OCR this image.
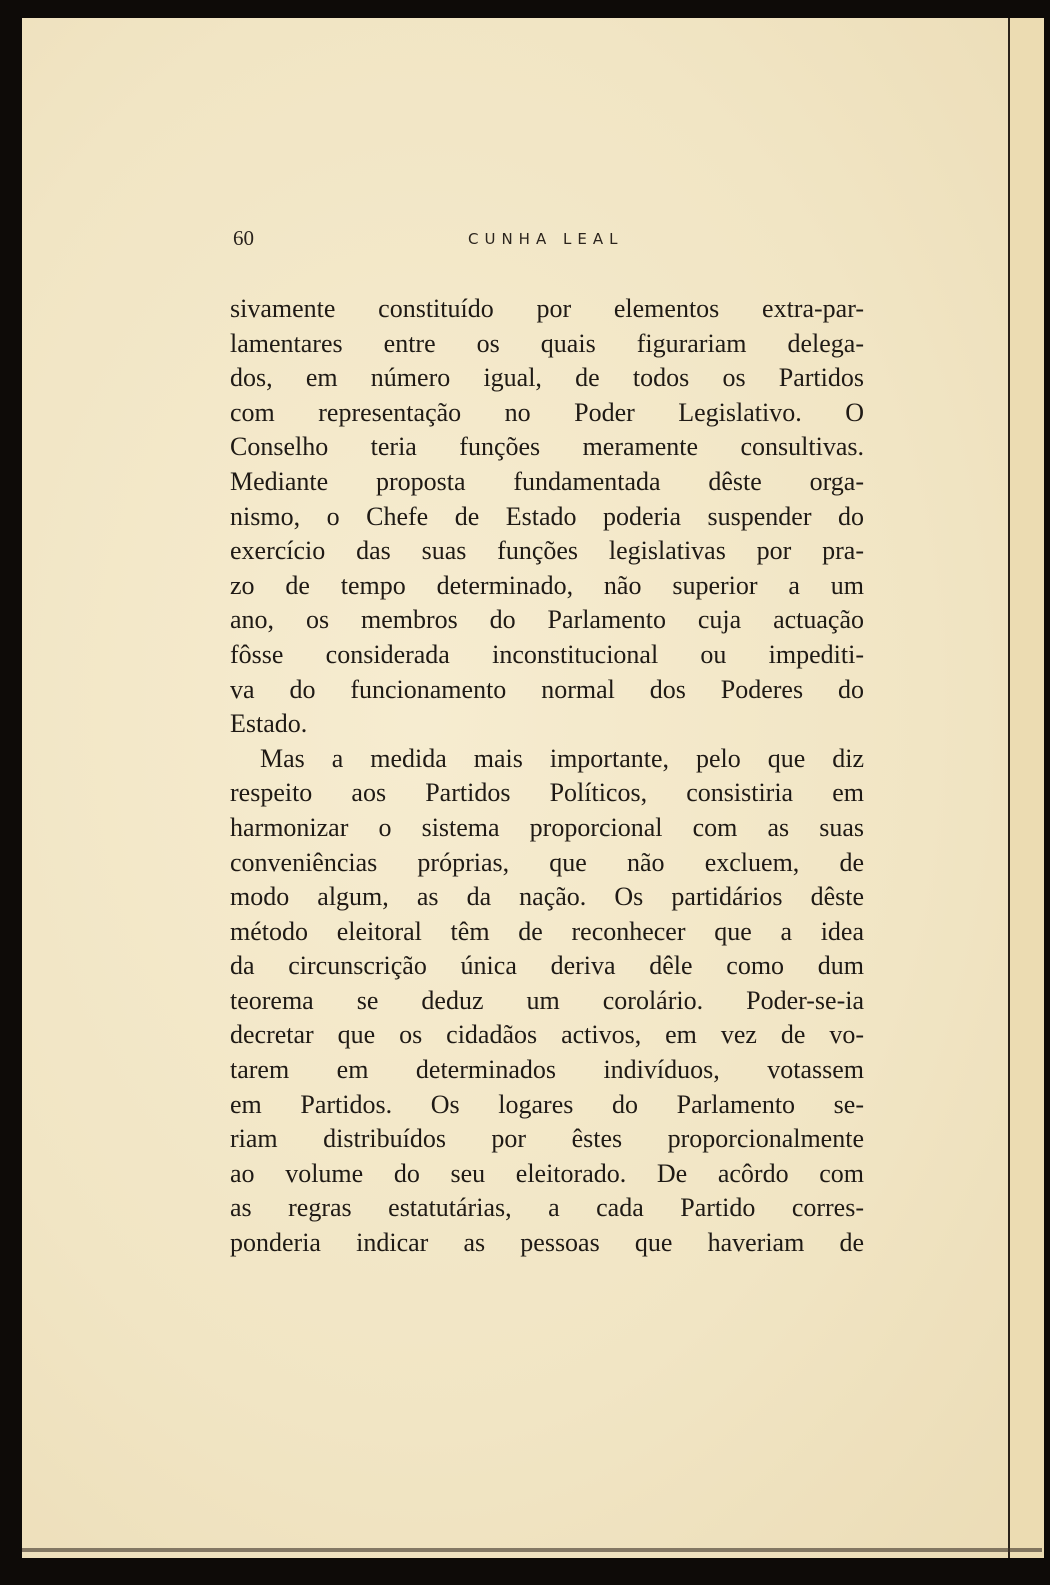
60	CUNHA LEAL
sivamente constituído por elementos extra-par-
lamentares entre os quais figurariam delega-
dos, em número igual, de todos os Partidos
com representação no Poder Legislativo. O
Conselho teria funções meramente consultivas.
Mediante proposta fundamentada dêste orga-
nismo, o Chefe de Estado poderia suspender do
exercício das suas funções legislativas por pra-
zo de tempo determinado, não superior a um
ano, os membros do Parlamento cuja actuação
fôsse considerada inconstitucional ou impediti-
va do funcionamento normal dos Poderes do
Estado.
Mas a medida mais importante, pelo que diz
respeito aos Partidos Políticos, consistiria em
harmonizar o sistema proporcional com as suas
conveniências próprias, que não excluem, de
modo algum, as da nação. Os partidários dêste
método eleitoral têm de reconhecer que a idea
da circunscrição única deriva dêle como dum
teorema se deduz um corolário. Poder-se-ia
decretar que os cidadãos activos, em vez de vo-
tarem em determinados indivíduos, votassem
em Partidos. Os logares do Parlamento se-
riam distribuídos por êstes proporcionalmente
ao volume do seu eleitorado. De acôrdo com
as regras estatutárias, a cada Partido corres-
ponderia indicar as pessoas que haveriam de
